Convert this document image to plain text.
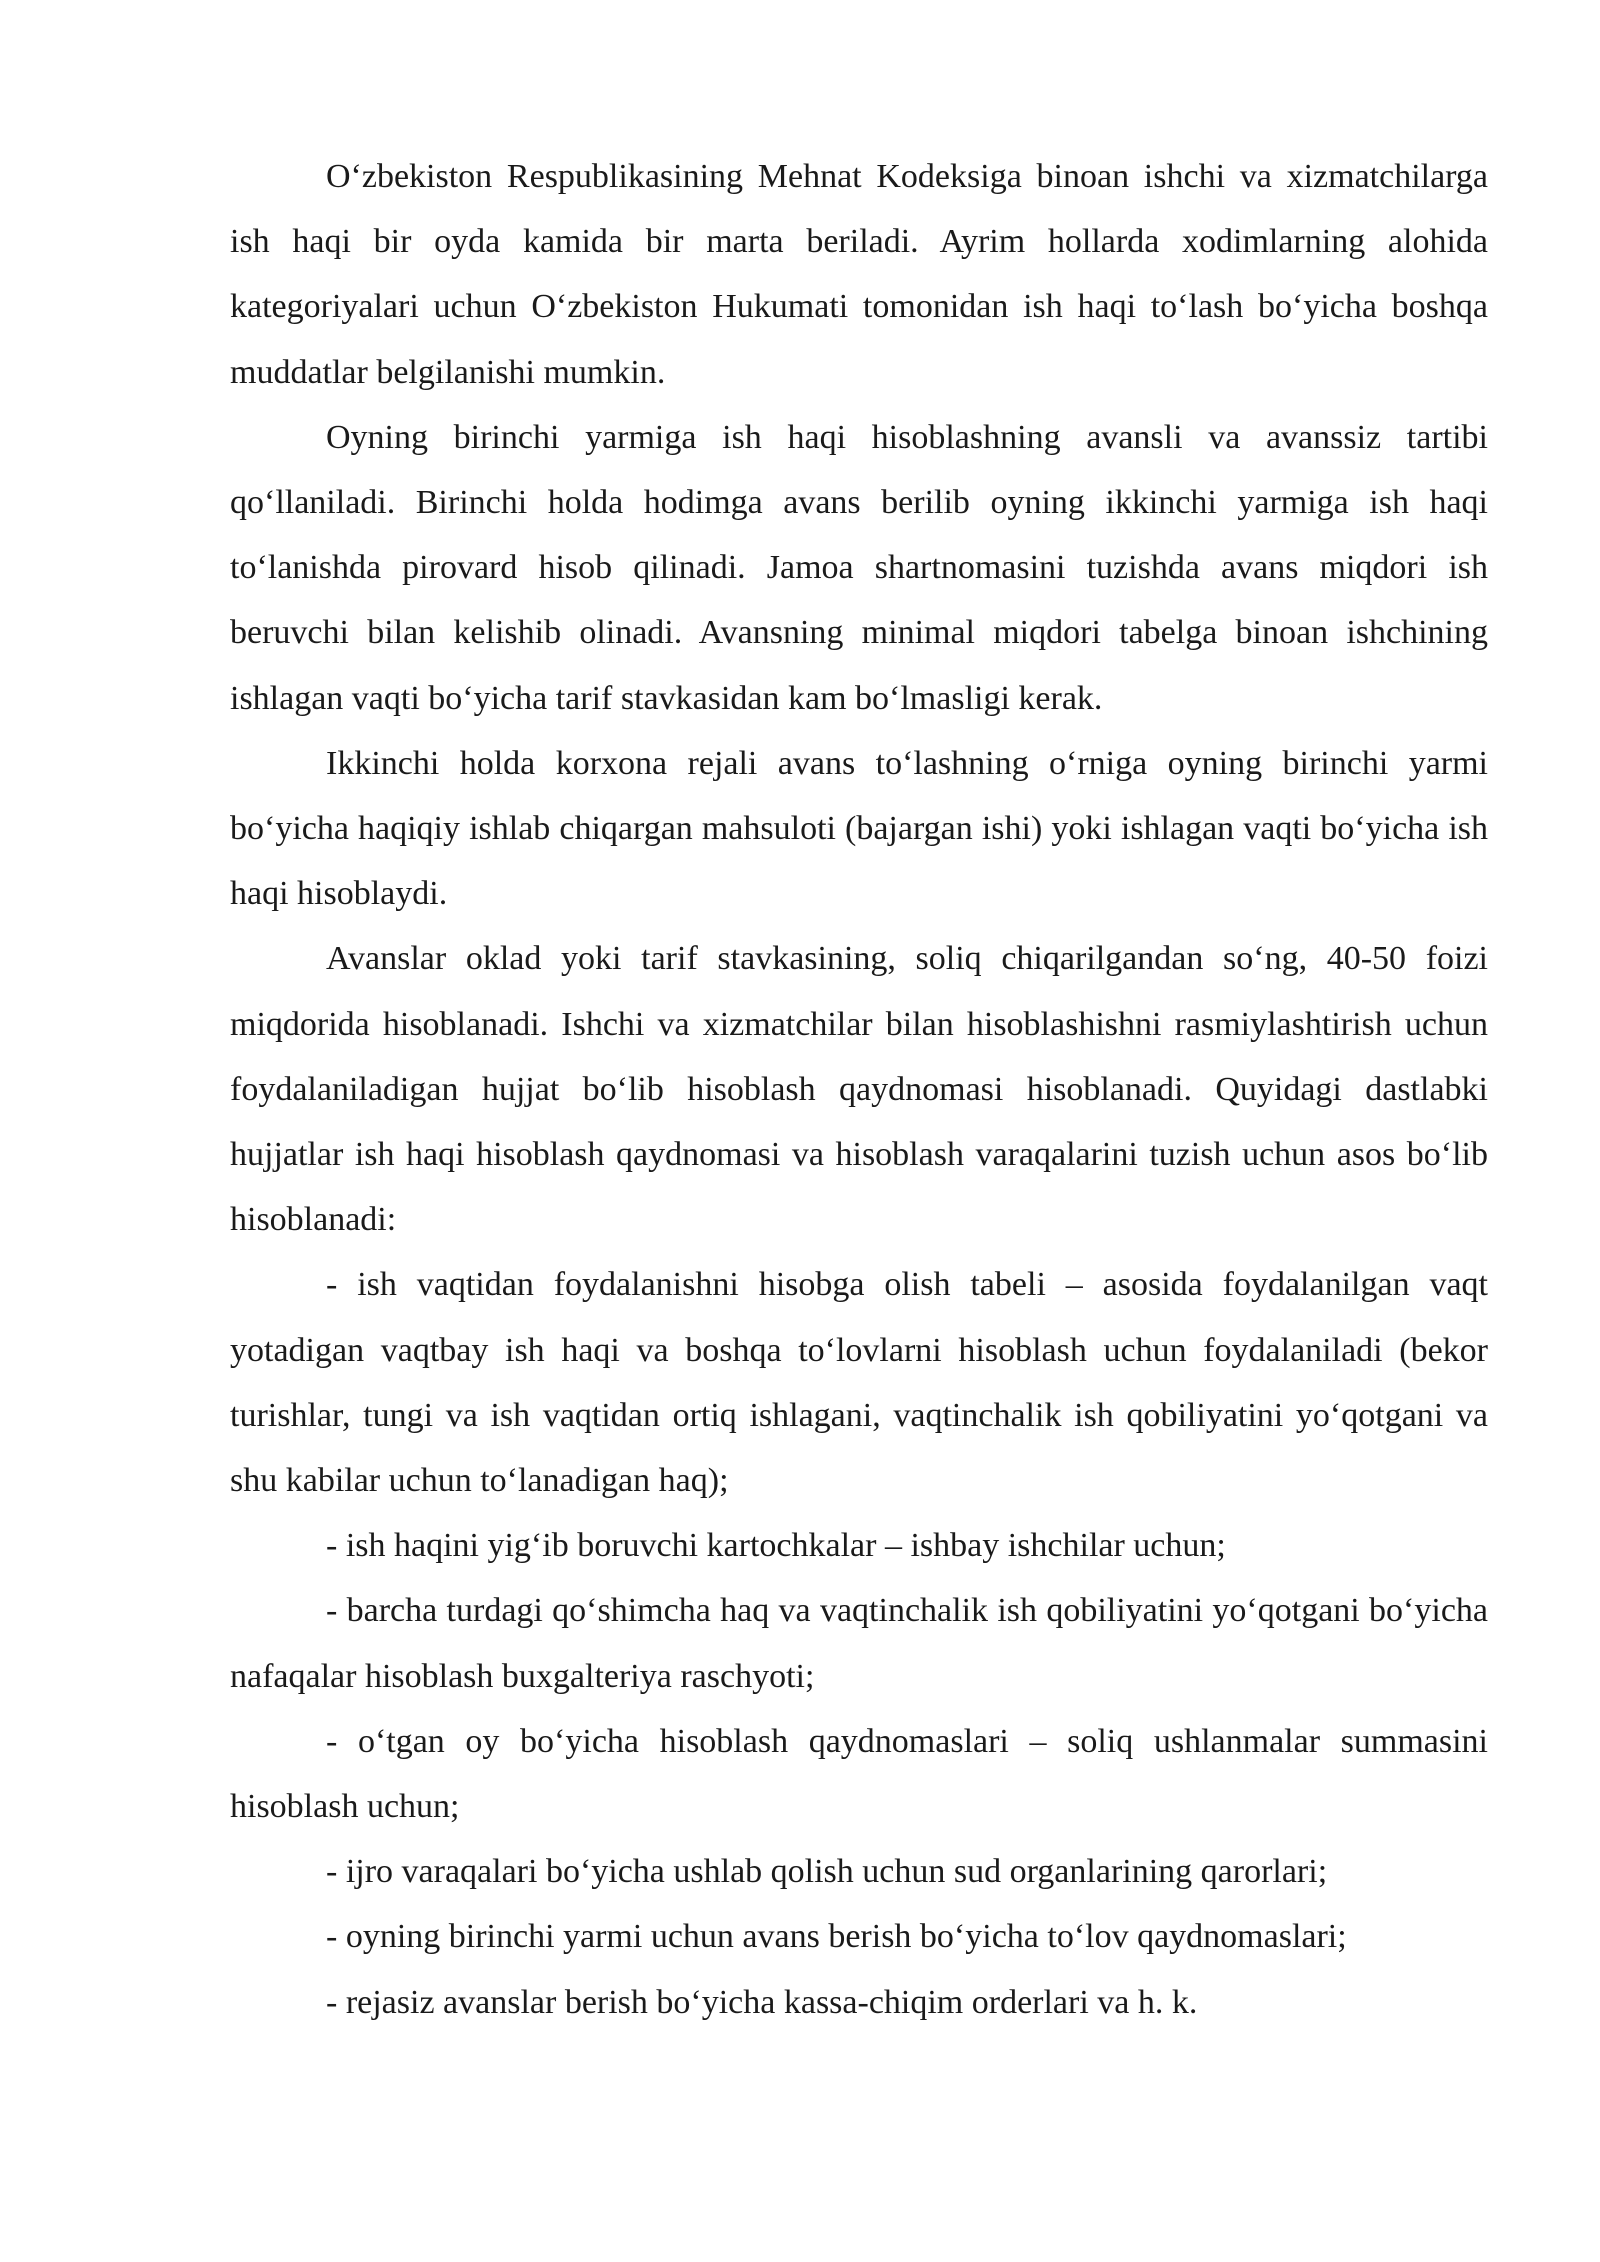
O‘zbekiston Respublikasining Mehnat Kodeksiga binoan ishchi va xizmatchilarga ish haqi bir oyda kamida bir marta beriladi. Ayrim hollarda xodimlarning alohida kategoriyalari uchun O‘zbekiston Hukumati tomonidan ish haqi to‘lash bo‘yicha boshqa muddatlar belgilanishi mumkin.

Oyning birinchi yarmiga ish haqi hisoblashning avansli va avanssiz tartibi qo‘llaniladi. Birinchi holda hodimga avans berilib oyning ikkinchi yarmiga ish haqi to‘lanishda pirovard hisob qilinadi. Jamoa shartnomasini tuzishda avans miqdori ish beruvchi bilan kelishib olinadi. Avansning minimal miqdori tabelga binoan ishchining ishlagan vaqti bo‘yicha tarif stavkasidan kam bo‘lmasligi kerak.

Ikkinchi holda korxona rejali avans to‘lashning o‘rniga oyning birinchi yarmi bo‘yicha haqiqiy ishlab chiqargan mahsuloti (bajargan ishi) yoki ishlagan vaqti bo‘yicha ish haqi hisoblaydi.

Avanslar oklad yoki tarif stavkasining, soliq chiqarilgandan so‘ng, 40-50 foizi miqdorida hisoblanadi. Ishchi va xizmatchilar bilan hisoblashishni rasmiylashtirish uchun foydalaniladigan hujjat bo‘lib hisoblash qaydnomasi hisoblanadi. Quyidagi dastlabki hujjatlar ish haqi hisoblash qaydnomasi va hisoblash varaqalarini tuzish uchun asos bo‘lib hisoblanadi:

- ish vaqtidan foydalanishni hisobga olish tabeli – asosida foydalanilgan vaqt yotadigan vaqtbay ish haqi va boshqa to‘lovlarni hisoblash uchun foydalaniladi (bekor turishlar, tungi va ish vaqtidan ortiq ishlagani, vaqtinchalik ish qobiliyatini yo‘qotgani va shu kabilar uchun to‘lanadigan haq);

- ish haqini yig‘ib boruvchi kartochkalar – ishbay ishchilar uchun;

- barcha turdagi qo‘shimcha haq va vaqtinchalik ish qobiliyatini yo‘qotgani bo‘yicha nafaqalar hisoblash buxgalteriya raschyoti;

- o‘tgan oy bo‘yicha hisoblash qaydnomaslari – soliq ushlanmalar summasini hisoblash uchun;

- ijro varaqalari bo‘yicha ushlab qolish uchun sud organlarining qarorlari;

- oyning birinchi yarmi uchun avans berish bo‘yicha to‘lov qaydnomaslari;

- rejasiz avanslar berish bo‘yicha kassa-chiqim orderlari va h. k.
